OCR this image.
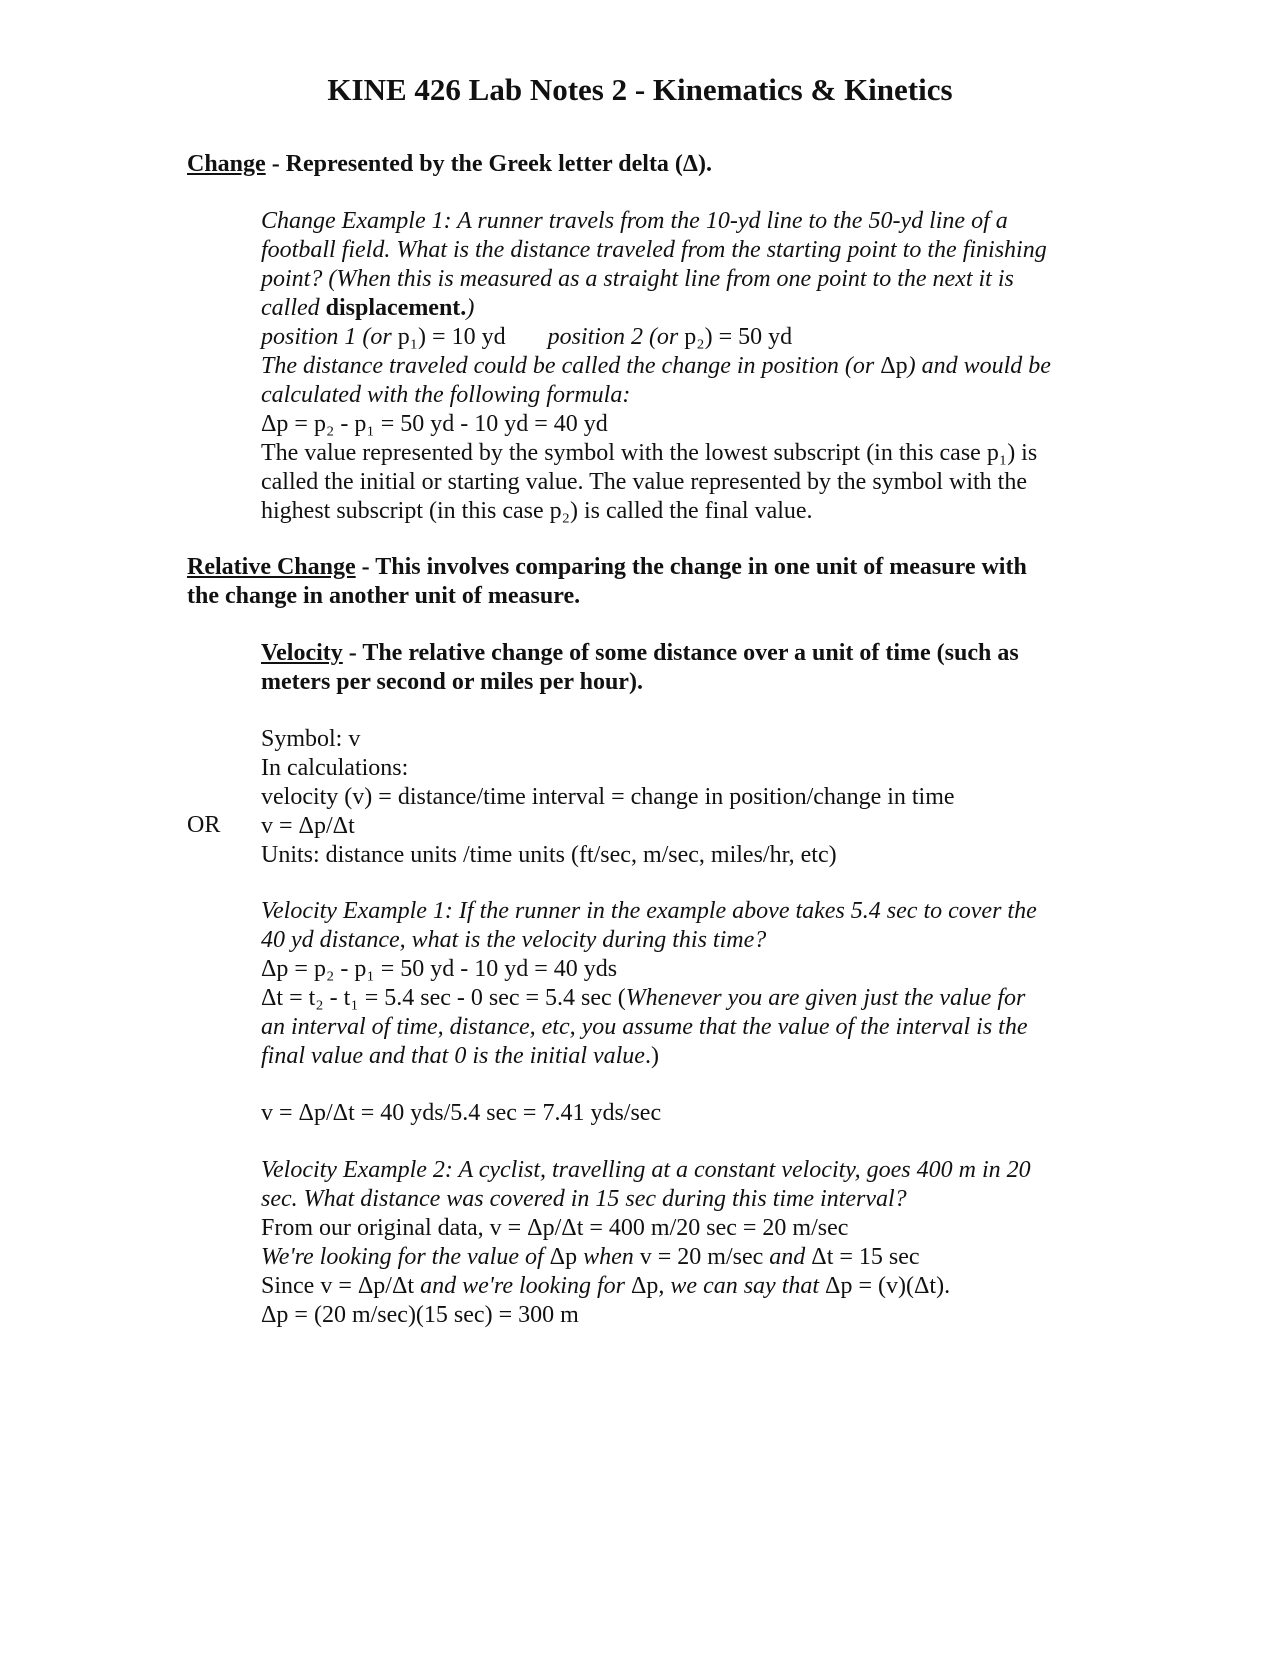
KINE 426 Lab Notes 2 - Kinematics & Kinetics
Change - Represented by the Greek letter delta (Δ).
Change Example 1: A runner travels from the 10-yd line to the 50-yd line of a
football field. What is the distance traveled from the starting point to the finishing
point? (When this is measured as a straight line from one point to the next it is
called displacement.)
position 1 (or p₁) = 10 yd position 2 (or p₂) = 50 yd
The distance traveled could be called the change in position (or Δp) and would be
calculated with the following formula:
Δp = p₂ - p₁ = 50 yd - 10 yd = 40 yd
The value represented by the symbol with the lowest subscript (in this case p₁) is
called the initial or starting value. The value represented by the symbol with the
highest subscript (in this case p₂) is called the final value.
Relative Change - This involves comparing the change in one unit of measure with
the change in another unit of measure.
Velocity - The relative change of some distance over a unit of time (such as
meters per second or miles per hour).
Symbol: v
In calculations:
velocity (v) = distance/time interval = change in position/change in time
OR v = Δp/Δt
Units: distance units /time units (ft/sec, m/sec, miles/hr, etc)
Velocity Example 1: If the runner in the example above takes 5.4 sec to cover the
40 yd distance, what is the velocity during this time?
Δp = p₂ - p₁ = 50 yd - 10 yd = 40 yds
Δt = t₂ - t₁ = 5.4 sec - 0 sec = 5.4 sec (Whenever you are given just the value for
an interval of time, distance, etc, you assume that the value of the interval is the
final value and that 0 is the initial value.)
v = Δp/Δt = 40 yds/5.4 sec = 7.41 yds/sec
Velocity Example 2: A cyclist, travelling at a constant velocity, goes 400 m in 20
sec. What distance was covered in 15 sec during this time interval?
From our original data, v = Δp/Δt = 400 m/20 sec = 20 m/sec
We're looking for the value of Δp when v = 20 m/sec and Δt = 15 sec
Since v = Δp/Δt and we're looking for Δp, we can say that Δp = (v)(Δt).
Δp = (20 m/sec)(15 sec) = 300 m
